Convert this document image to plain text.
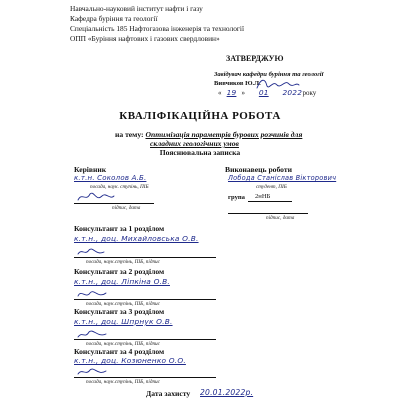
Навчально-науковий інститут нафти і газу
Кафедра буріння та геології
Спеціальність 185 Нафтогазова інженерія та технології
ОПП «Буріння нафтових і газових свердловин»
ЗАТВЕРДЖУЮ
Завідувач кафедри буріння та геології
Вивчиков Ю.Л.
« 19 » 01 2022року
КВАЛІФІКАЦІЙНА РОБОТА
на тему: Оптимізація параметрів бурових розчинів для
складних геологічних умов
Пояснювальна записка
Керівник
к.т.н. Соколов А.Б.
посада, наук. ступінь, ПІБ
підпис, дата
Виконавець роботи
Лобода Станіслав Вікторович
студент, ПІБ
група 2нНБ
підпис, дата
Консультант за 1 розділом
к.т.н., доц. Михайловська О.В.
посада, наук.ступінь, ПІБ, підпис
Консультант за 2 розділом
к.т.н., доц. Ліпкіна О.В.
посада, наук.ступінь, ПІБ, підпис
Консультант за 3 розділом
к.т.н., доц. Шпрнук О.В.
посада, наук.ступінь, ПІБ, підпис
Консультант за 4 розділом
к.т.н., доц. Козюненко О.О.
посада, наук.ступінь, ПІБ, підпис
Дата захисту 20.01.2022р.
